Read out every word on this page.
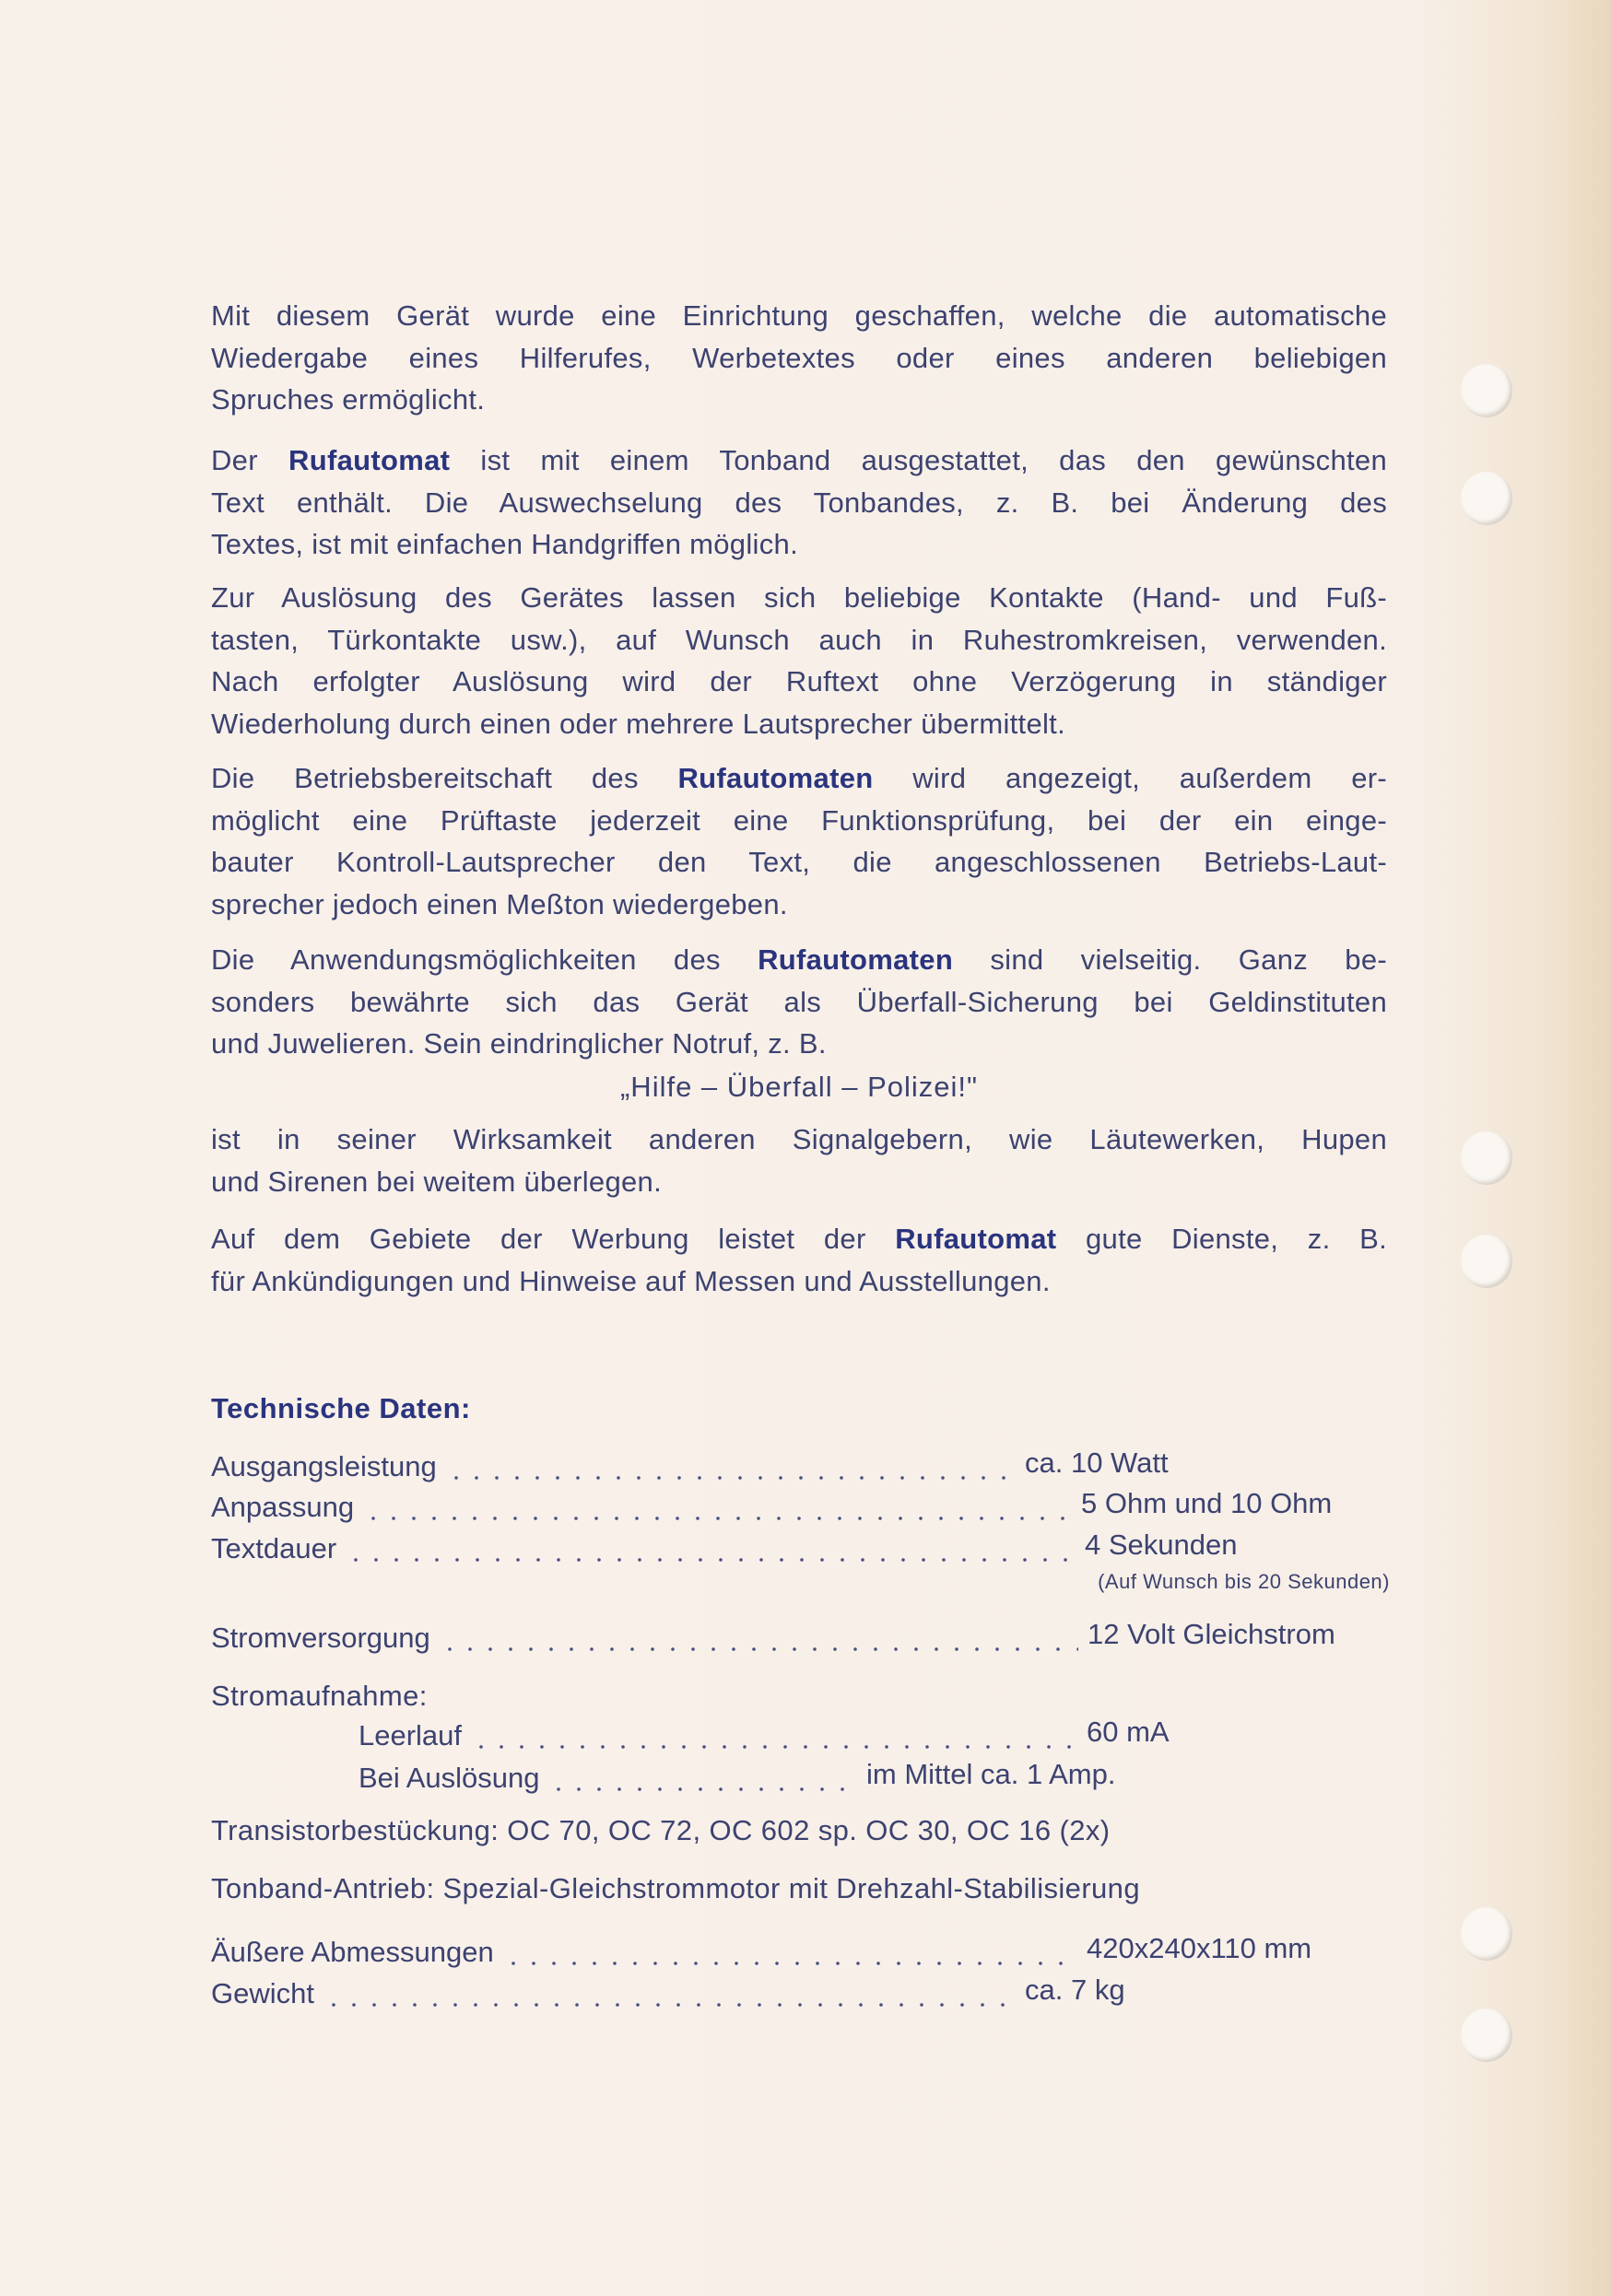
Mit diesem Gerät wurde eine Einrichtung geschaffen, welche die automatische
Wiedergabe eines Hilferufes, Werbetextes oder eines anderen beliebigen
Spruches ermöglicht.
Der Rufautomat ist mit einem Tonband ausgestattet, das den gewünschten
Text enthält. Die Auswechselung des Tonbandes, z. B. bei Änderung des
Textes, ist mit einfachen Handgriffen möglich.
Zur Auslösung des Gerätes lassen sich beliebige Kontakte (Hand- und Fuß-
tasten, Türkontakte usw.), auf Wunsch auch in Ruhestromkreisen, verwenden.
Nach erfolgter Auslösung wird der Ruftext ohne Verzögerung in ständiger
Wiederholung durch einen oder mehrere Lautsprecher übermittelt.
Die Betriebsbereitschaft des Rufautomaten wird angezeigt, außerdem er-
möglicht eine Prüftaste jederzeit eine Funktionsprüfung, bei der ein einge-
bauter Kontroll-Lautsprecher den Text, die angeschlossenen Betriebs-Laut-
sprecher jedoch einen Meßton wiedergeben.
Die Anwendungsmöglichkeiten des Rufautomaten sind vielseitig. Ganz be-
sonders bewährte sich das Gerät als Überfall-Sicherung bei Geldinstituten
und Juwelieren. Sein eindringlicher Notruf, z. B.
ist in seiner Wirksamkeit anderen Signalgebern, wie Läutewerken, Hupen
und Sirenen bei weitem überlegen.
Auf dem Gebiete der Werbung leistet der Rufautomat gute Dienste, z. B.
für Ankündigungen und Hinweise auf Messen und Ausstellungen.
„Hilfe – Überfall – Polizei!"
Technische Daten:
Ausgangsleistung	ca. 10 Watt
Anpassung	5 Ohm und 10 Ohm
Textdauer	4 Sekunden
(Auf Wunsch bis 20 Sekunden)
Stromversorgung	12 Volt Gleichstrom
Stromaufnahme:
Leerlauf	60 mA
Bei Auslösung	im Mittel ca. 1 Amp.
Transistorbestückung: OC 70, OC 72, OC 602 sp. OC 30, OC 16 (2x)
Tonband-Antrieb: Spezial-Gleichstrommotor mit Drehzahl-Stabilisierung
Äußere Abmessungen	420x240x110 mm
Gewicht	ca. 7 kg
